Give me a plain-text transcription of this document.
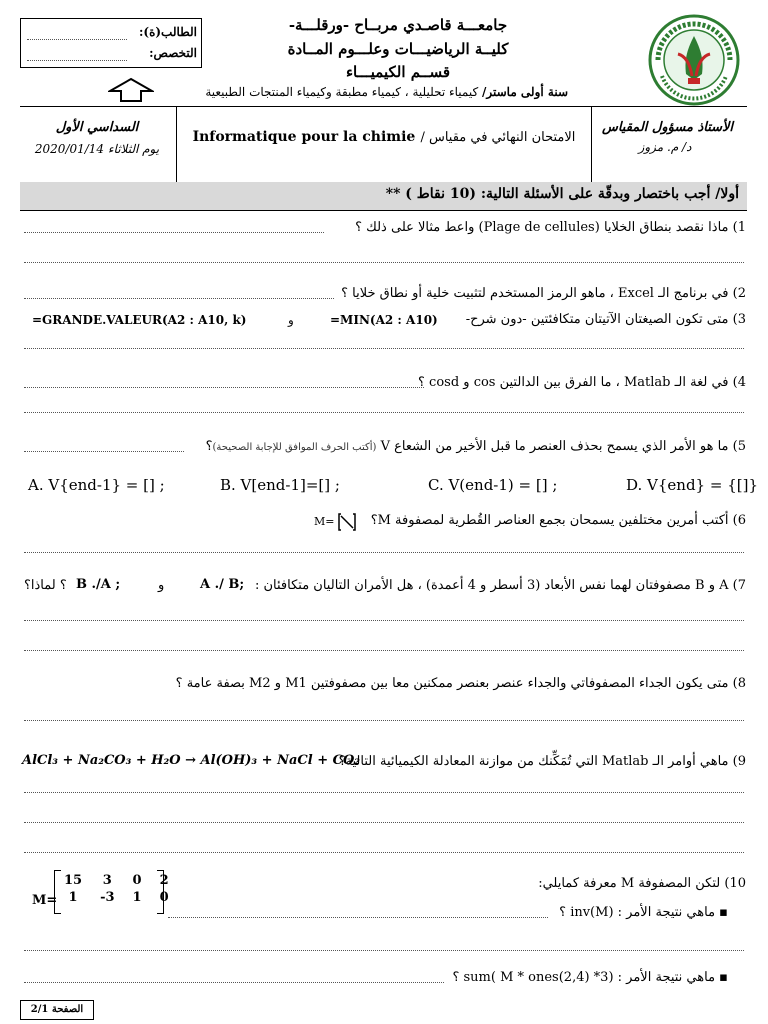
الطالب(ة):
التخصص:
جامعـــة قاصـدي مربــاح -ورقلـــة-
كليــة الرياضيـــات وعلـــوم المــادة
قســم الكيميـــاء
سنة أولى ماستر/ كيمياء تحليلية ، كيمياء مطبقة وكيمياء المنتجات الطبيعية
الأستاذ مسؤول المقياس
د/ م. مزوز
Informatique pour la chimie الامتحان النهائي في مقياس /
السداسي الأول
يوم الثلاثاء 2020/01/14
أولا/ أجب باختصار وبدقّة على الأسئلة التالية: (10 نقاط ) **
1) ماذا نقصد بنطاق الخلايا (Plage de cellules) واعط مثالا على ذلك ؟
2) في برنامج الـ Excel ، ماهو الرمز المستخدم لتثبيت خلية أو نطاق خلايا ؟
3) متى تكون الصيغتان الآتيتان متكافئتين -دون شرح-
=MIN(A2 : A10)
و
=GRANDE.VALEUR(A2 : A10, k)
4) في لغة الـ Matlab ، ما الفرق بين الدالتين cos و cosd ؟
5) ما هو الأمر الذي يسمح بحذف العنصر ما قبل الأخير من الشعاع V (أكتب الحرف الموافق للإجابة الصحيحة)؟
A. V{end-1} = [] ;	B. V[end-1]=[] ;	C. V(end-1) = [] ;	D. V{end} = {[]}
6) أكتب أمرين مختلفين يسمحان بجمع العناصر القُطرية لمصفوفة M؟
M=
7) A و B مصفوفتان لهما نفس الأبعاد (3 أسطر و 4 أعمدة) ، هل الأمران التاليان متكافئان :
A ./ B;
و
B ./A ;
؟ لماذا؟
8) متى يكون الجداء المصفوفاتي والجداء عنصر بعنصر ممكنين معا بين مصفوفتين M1 و M2 بصفة عامة ؟
9) ماهي أوامر الـ Matlab التي تُمَكِّنك من موازنة المعادلة الكيميائية التالية؟
AlCl₃ + Na₂CO₃ + H₂O → Al(OH)₃ + NaCl + CO₂
10) لتكن المصفوفة M معرفة كمايلي:
M=
15	3	0	2
1	-3	1	0
▪ ماهي نتيجة الأمر : inv(M) ؟
▪ ماهي نتيجة الأمر : sum( M * ones(2,4) *3) ؟
الصفحة 2/1
